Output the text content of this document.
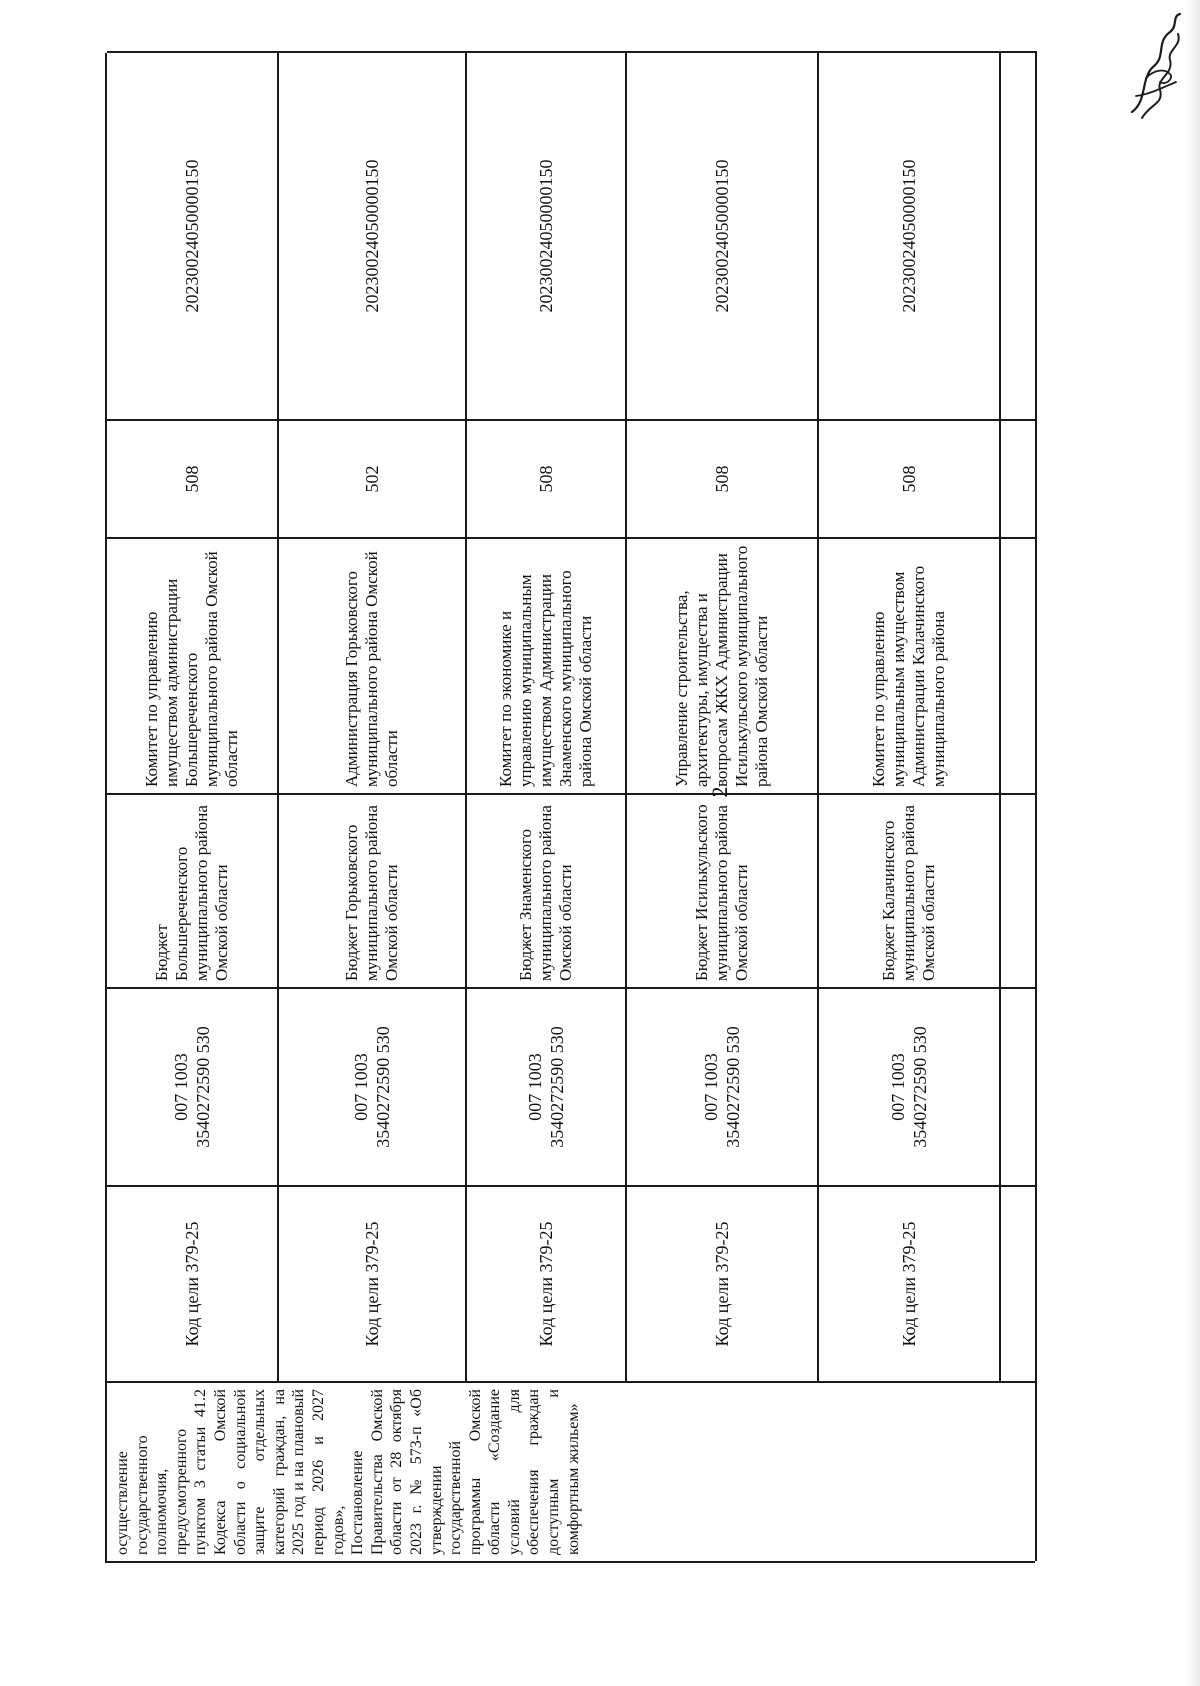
2

осуществление государственного полномочия, предусмотренного пунктом 3 статьи 41.2 Кодекса Омской области о социальной защите отдельных категорий граждан, на 2025 год и на плановый период 2026 и 2027 годов», Постановление Правительства Омской области от 28 октября 2023 г. № 573-п «Об утверждении государственной программы Омской области «Создание условий для обеспечения граждан доступным и комфортным жильем»

Код цели 379-25
007 1003 3540272590 530
Бюджет Большереченского муниципального района Омской области
Комитет по управлению имуществом администрации Большереченского муниципального района Омской области
508
20230024050000150
Код цели 379-25
007 1003 3540272590 530
Бюджет Горьковского муниципального района Омской области
Администрация Горьковского муниципального района Омской области
502
20230024050000150
Код цели 379-25
007 1003 3540272590 530
Бюджет Знаменского муниципального района Омской области
Комитет по экономике и управлению муниципальным имуществом Администрации Знаменского муниципального района Омской области
508
20230024050000150
Код цели 379-25
007 1003 3540272590 530
Бюджет Исилькульского муниципального района Омской области
Управление строительства, архитектуры, имущества и вопросам ЖКХ Администрации Исилькульского муниципального района Омской области
508
20230024050000150
Код цели 379-25
007 1003 3540272590 530
Бюджет Калачинского муниципального района Омской области
Комитет по управлению муниципальным имуществом Администрации Калачинского муниципального района
508
20230024050000150
